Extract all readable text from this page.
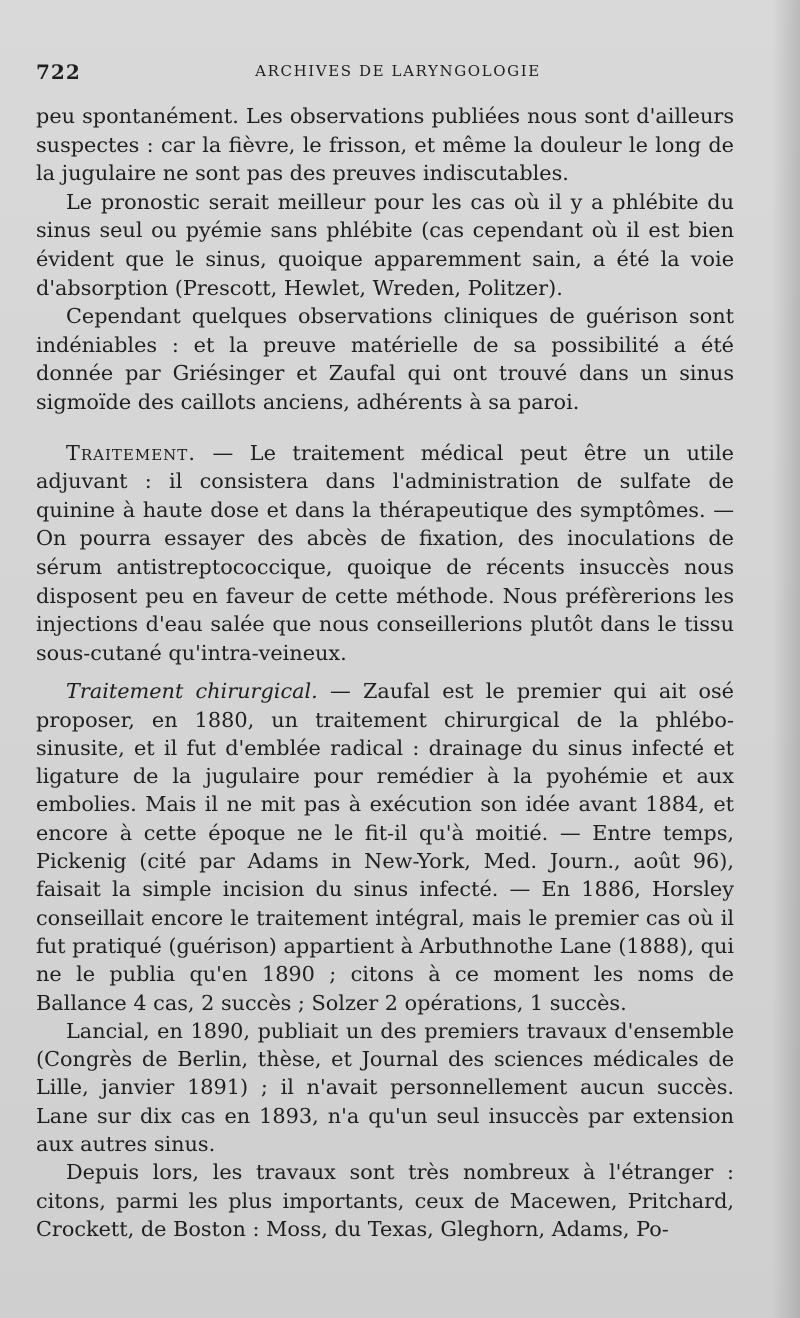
722	ARCHIVES DE LARYNGOLOGIE

peu spontanément. Les observations publiées nous sont d'ailleurs suspectes : car la fièvre, le frisson, et même la douleur le long de la jugulaire ne sont pas des preuves indiscutables.

Le pronostic serait meilleur pour les cas où il y a phlébite du sinus seul ou pyémie sans phlébite (cas cependant où il est bien évident que le sinus, quoique apparemment sain, a été la voie d'absorption (Prescott, Hewlet, Wreden, Politzer).

Cependant quelques observations cliniques de guérison sont indéniables : et la preuve matérielle de sa possibilité a été donnée par Griésinger et Zaufal qui ont trouvé dans un sinus sigmoïde des caillots anciens, adhérents à sa paroi.

Traitement. — Le traitement médical peut être un utile adjuvant : il consistera dans l'administration de sulfate de quinine à haute dose et dans la thérapeutique des symptômes. — On pourra essayer des abcès de fixation, des inoculations de sérum antistreptococcique, quoique de récents insuccès nous disposent peu en faveur de cette méthode. Nous préfèrerions les injections d'eau salée que nous conseillerions plutôt dans le tissu sous-cutané qu'intra-veineux.

Traitement chirurgical. — Zaufal est le premier qui ait osé proposer, en 1880, un traitement chirurgical de la phlébo-sinusite, et il fut d'emblée radical : drainage du sinus infecté et ligature de la jugulaire pour remédier à la pyohémie et aux embolies. Mais il ne mit pas à exécution son idée avant 1884, et encore à cette époque ne le fit-il qu'à moitié. — Entre temps, Pickenig (cité par Adams in New-York, Med. Journ., août 96), faisait la simple incision du sinus infecté. — En 1886, Horsley conseillait encore le traitement intégral, mais le premier cas où il fut pratiqué (guérison) appartient à Arbuthnothe Lane (1888), qui ne le publia qu'en 1890 ; citons à ce moment les noms de Ballance 4 cas, 2 succès ; Solzer 2 opérations, 1 succès.

Lancial, en 1890, publiait un des premiers travaux d'ensemble (Congrès de Berlin, thèse, et Journal des sciences médicales de Lille, janvier 1891) ; il n'avait personnellement aucun succès. Lane sur dix cas en 1893, n'a qu'un seul insuccès par extension aux autres sinus.

Depuis lors, les travaux sont très nombreux à l'étranger : citons, parmi les plus importants, ceux de Macewen, Pritchard, Crockett, de Boston : Moss, du Texas, Gleghorn, Adams, Po-
